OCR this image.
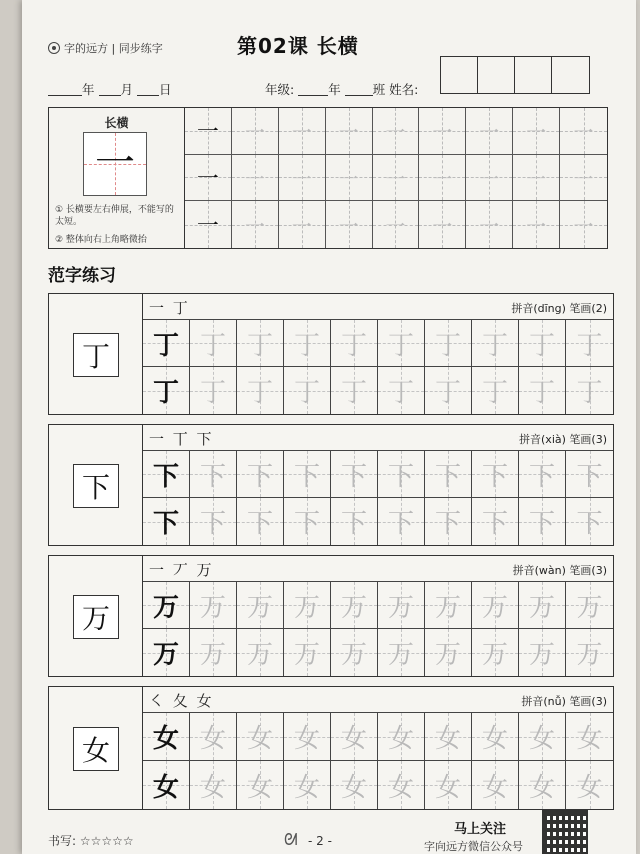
字的远方 | 同步练字	第02课 长横
年 月 日	年级:	年	班 姓名:
长横
一
① 长横要左右伸展，不能写的太短。
② 整体向右上角略微抬
一 一 一 一 一 一 一 一 一
一 一 一 一 一 一 一 一 一
一 一 一 一 一 一 一 一 一
范字练习
丁
一 丁	拼音(dīng) 笔画(2)
丁 丁 丁 丁 丁 丁 丁 丁 丁 丁
丁 丁 丁 丁 丁 丁 丁 丁 丁 丁
下
一 丅 下	拼音(xià) 笔画(3)
下 下 下 下 下 下 下 下 下 下
下 下 下 下 下 下 下 下 下 下
万
一 丆 万	拼音(wàn) 笔画(3)
万 万 万 万 万 万 万 万 万 万
万 万 万 万 万 万 万 万 万 万
女
㇛ 夂 女	拼音(nǚ) 笔画(3)
女 女 女 女 女 女 女 女 女 女
女 女 女 女 女 女 女 女 女 女
书写: ☆☆☆☆☆	ᘛ - 2 -
马上关注
字向远方微信公众号
